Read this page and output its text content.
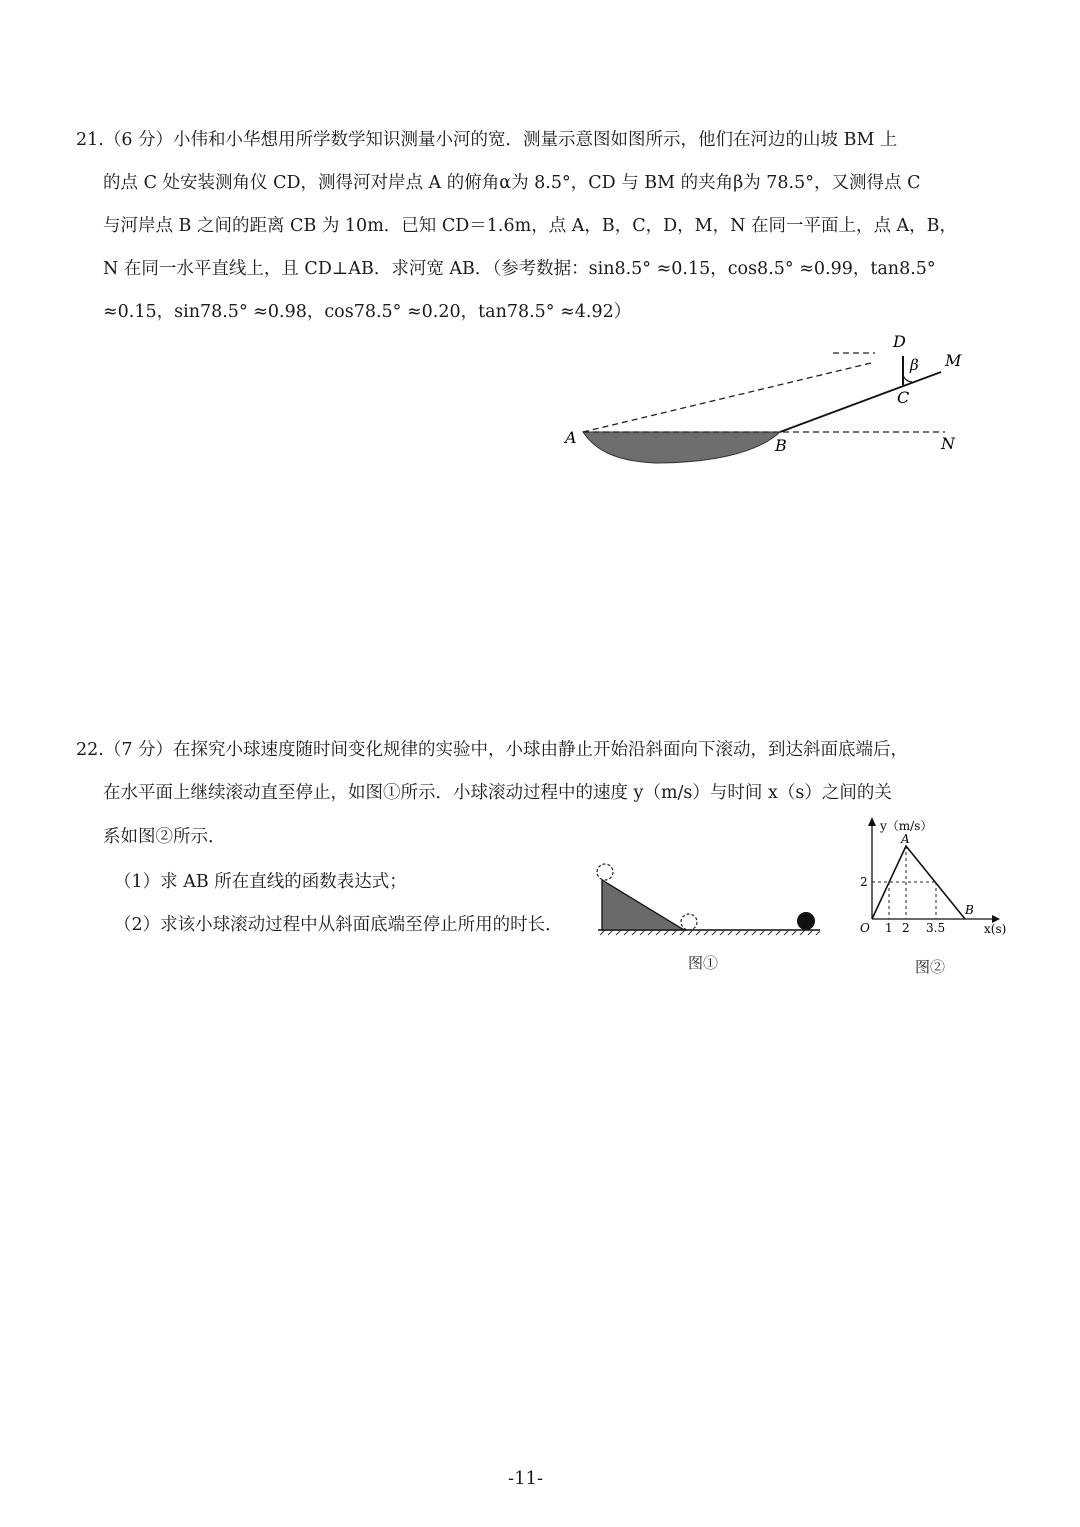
21.（6 分）小伟和小华想用所学数学知识测量小河的宽．测量示意图如图所示，他们在河边的山坡 BM 上
的点 C 处安装测角仪 CD，测得河对岸点 A 的俯角α为 8.5°，CD 与 BM 的夹角β为 78.5°，又测得点 C
与河岸点 B 之间的距离 CB 为 10m．已知 CD＝1.6m，点 A，B，C，D，M，N 在同一平面上，点 A，B，
N 在同一水平直线上，且 CD⊥AB．求河宽 AB．（参考数据：sin8.5° ≈0.15，cos8.5° ≈0.99，tan8.5°
≈0.15，sin78.5° ≈0.98，cos78.5° ≈0.20，tan78.5° ≈4.92）
A	B	N
M
D
C
β
22.（7 分）在探究小球速度随时间变化规律的实验中，小球由静止开始沿斜面向下滚动，到达斜面底端后，
在水平面上继续滚动直至停止，如图①所示．小球滚动过程中的速度 y（m/s）与时间 x（s）之间的关
系如图②所示．
（1）求 AB 所在直线的函数表达式；
（2）求该小球滚动过程中从斜面底端至停止所用的时长．
图①
y（m/s）
A
B
2
O 1 2 3.5	x(s)
图②
-11-
